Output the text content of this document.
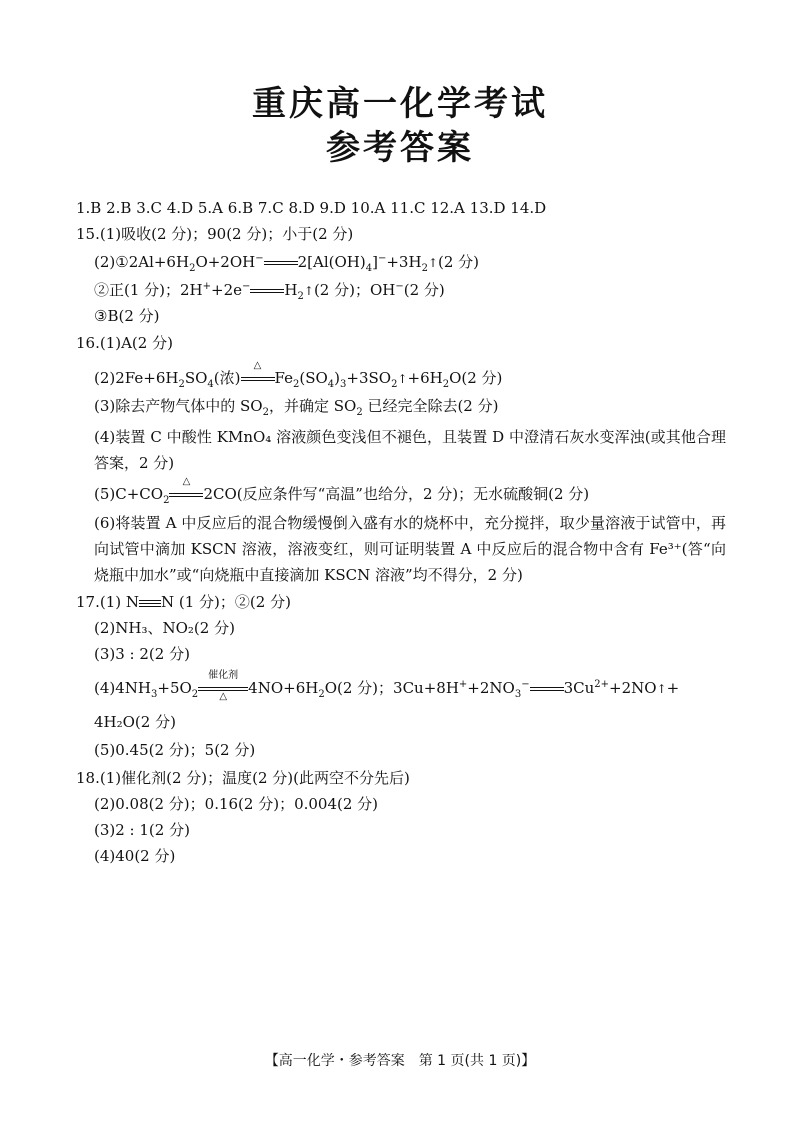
重庆高一化学考试
参考答案
1.B 2.B 3.C 4.D 5.A 6.B 7.C 8.D 9.D 10.A 11.C 12.A 13.D 14.D
15.(1)吸收(2 分)；90(2 分)；小于(2 分)
$(2)①2Al+6H_2O+2OH^-$ $2[Al(OH)_4]^-+3H_2↑(2$ 分)
②正(1 分)；2H++2e− $H_2↑(2$ 分)；OH−(2 分)
③B(2 分)
16.(1)A(2 分)
$(2)2Fe+6H_2SO_4$(浓)
△
$Fe_2(SO_4)_3+3SO_2↑+6H_2O(2$ 分)
(3)除去产物气体中的 $SO_2$，并确定 $SO_2$ 已经完全除去(2 分)
(4)装置 C 中酸性 KMnO₄ 溶液颜色变浅但不褪色，且装置 D 中澄清石灰水变浑浊(或其他合理答案，2 分)
$(5)C+CO_2$
△
2CO(反应条件写“高温”也给分，2 分)；无水硫酸铜(2 分)
(6)将装置 A 中反应后的混合物缓慢倒入盛有水的烧杯中，充分搅拌，取少量溶液于试管中，再向试管中滴加 KSCN 溶液，溶液变红，则可证明装置 A 中反应后的混合物中含有 Fe³⁺(答“向烧瓶中加水”或“向烧瓶中直接滴加 KSCN 溶液”均不得分，2 分)
17.(1) N N (1 分)；②(2 分)
(2)NH₃、NO₂(2 分)
(3)3 : 2(2 分)
$(4)4NH_3+5O_2$
催化剂
△	$4NO+6H_2O(2$ 分)；$3Cu+8H^++2NO_3^-$ $3Cu^{2+}+2NO↑+$
4H₂O(2 分)
(5)0.45(2 分)；5(2 分)
18.(1)催化剂(2 分)；温度(2 分)(此两空不分先后)
(2)0.08(2 分)；0.16(2 分)；0.004(2 分)
(3)2 : 1(2 分)
(4)40(2 分)
【高一化学・参考答案　第 1 页(共 1 页)】
